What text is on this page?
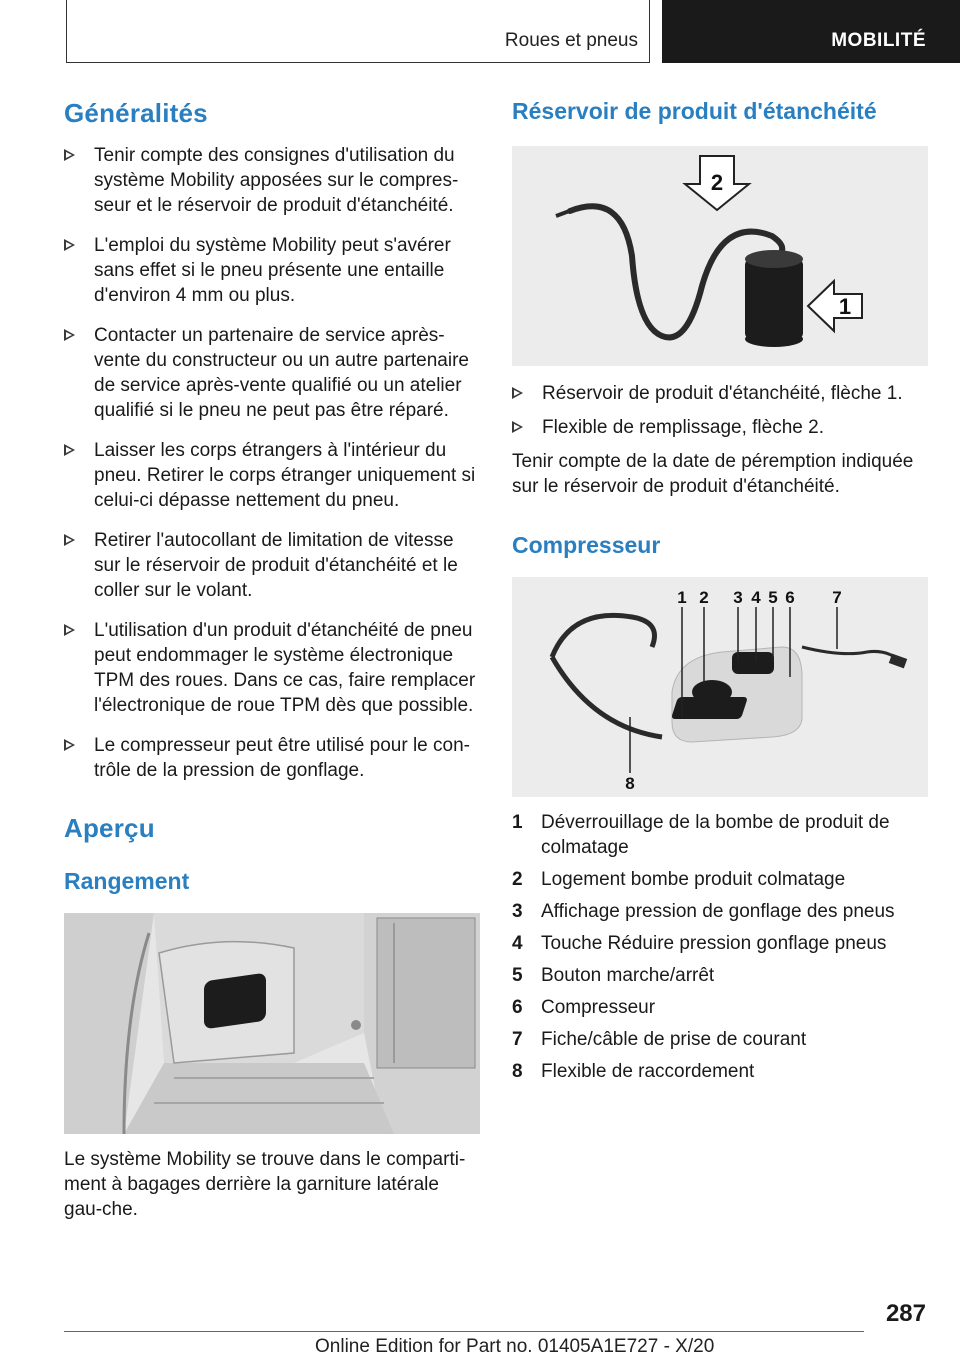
Roues et pneus	MOBILITÉ
Généralités
Tenir compte des consignes d'utilisation du système Mobility apposées sur le compres-seur et le réservoir de produit d'étanchéité.
L'emploi du système Mobility peut s'avérer sans effet si le pneu présente une entaille d'environ 4 mm ou plus.
Contacter un partenaire de service après-vente du constructeur ou un autre partenaire de service après-vente qualifié ou un atelier qualifié si le pneu ne peut pas être réparé.
Laisser les corps étrangers à l'intérieur du pneu. Retirer le corps étranger uniquement si celui-ci dépasse nettement du pneu.
Retirer l'autocollant de limitation de vitesse sur le réservoir de produit d'étanchéité et le coller sur le volant.
L'utilisation d'un produit d'étanchéité de pneu peut endommager le système électronique TPM des roues. Dans ce cas, faire remplacer l'électronique de roue TPM dès que possible.
Le compresseur peut être utilisé pour le con-trôle de la pression de gonflage.
Aperçu
Rangement

Le système Mobility se trouve dans le comparti-ment à bagages derrière la garniture latérale gau-che.

Réservoir de produit d'étanchéité
2
1
Réservoir de produit d'étanchéité, flèche 1.
Flexible de remplissage, flèche 2.

Tenir compte de la date de péremption indiquée sur le réservoir de produit d'étanchéité.

Compresseur
1 2 3 4 5 6 7
8
1 Déverrouillage de la bombe de produit de colmatage
2 Logement bombe produit colmatage
3 Affichage pression de gonflage des pneus
4 Touche Réduire pression gonflage pneus
5 Bouton marche/arrêt
6 Compresseur
7 Fiche/câble de prise de courant
8 Flexible de raccordement
287
Online Edition for Part no. 01405A1E727 - X/20
